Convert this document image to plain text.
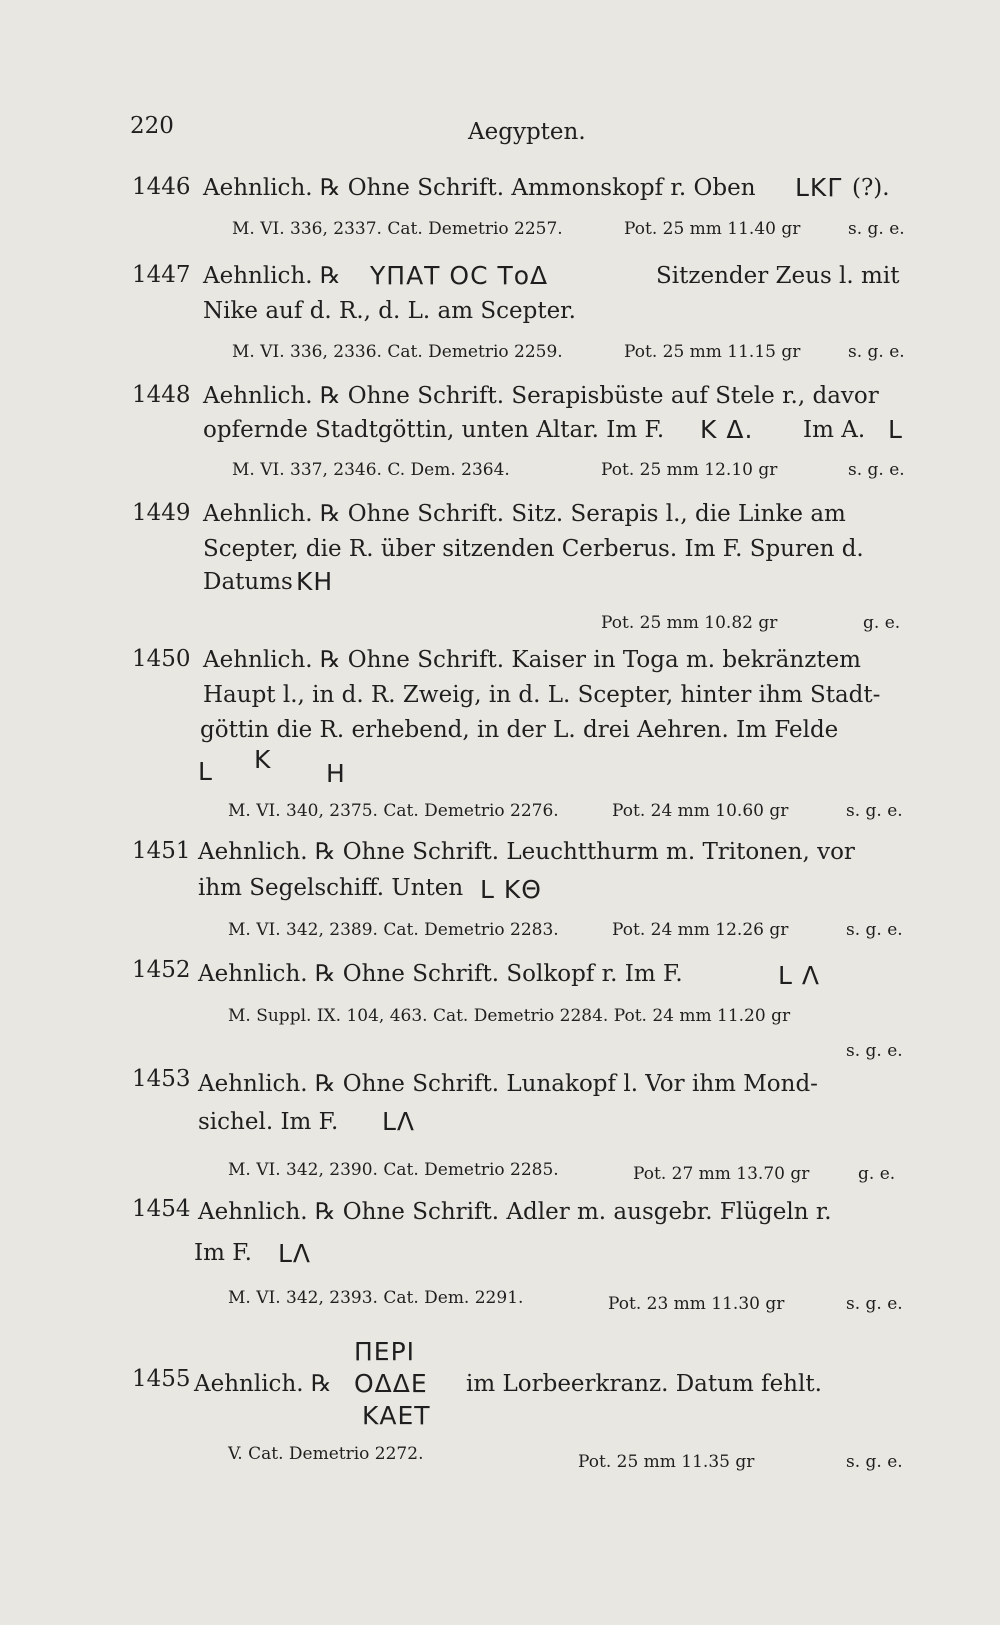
220	Aegypten.
1446 Aehnlich. ℞ Ohne Schrift. Ammonskopf r. Oben LKΓ (?).
M. VI. 336, 2337. Cat. Demetrio 2257.	Pot. 25 mm 11.40 gr	s. g. e.
1447 Aehnlich. ℞ ΥΠΑΤ ΟC ΤοΔ	Sitzender Zeus l. mit
Nike auf d. R., d. L. am Scepter.
M. VI. 336, 2336. Cat. Demetrio 2259.	Pot. 25 mm 11.15 gr	s. g. e.
1448 Aehnlich. ℞ Ohne Schrift. Serapisbüste auf Stele r., davor
opfernde Stadtgöttin, unten Altar. Im F. K Δ. Im A. L
M. VI. 337, 2346. C. Dem. 2364.	Pot. 25 mm 12.10 gr	s. g. e.
1449 Aehnlich. ℞ Ohne Schrift. Sitz. Serapis l., die Linke am
Scepter, die R. über sitzenden Cerberus. Im F. Spuren d.
Datums KH
Pot. 25 mm 10.82 gr	g. e.
1450 Aehnlich. ℞ Ohne Schrift. Kaiser in Toga m. bekränztem
Haupt l., in d. R. Zweig, in d. L. Scepter, hinter ihm Stadt-
göttin die R. erhebend, in der L. drei Aehren. Im Felde
L K H
M. VI. 340, 2375. Cat. Demetrio 2276.	Pot. 24 mm 10.60 gr	s. g. e.
1451 Aehnlich. ℞ Ohne Schrift. Leuchtthurm m. Tritonen, vor
ihm Segelschiff. Unten L KΘ
M. VI. 342, 2389. Cat. Demetrio 2283.	Pot. 24 mm 12.26 gr	s. g. e.
1452 Aehnlich. ℞ Ohne Schrift. Solkopf r. Im F.	L Λ
M. Suppl. IX. 104, 463. Cat. Demetrio 2284. Pot. 24 mm 11.20 gr
s. g. e.
1453 Aehnlich. ℞ Ohne Schrift. Lunakopf l. Vor ihm Mond-
sichel. Im F. LΛ
M. VI. 342, 2390. Cat. Demetrio 2285.	Pot. 27 mm 13.70 gr	g. e.
1454 Aehnlich. ℞ Ohne Schrift. Adler m. ausgebr. Flügeln r.
Im F. LΛ
M. VI. 342, 2393. Cat. Dem. 2291.	Pot. 23 mm 11.30 gr	s. g. e.
ΠΕΡΙ
1455 Aehnlich. ℞ ΟΔΔΕ im Lorbeerkranz. Datum fehlt.
ΚΑΕΤ
V. Cat. Demetrio 2272.	Pot. 25 mm 11.35 gr	s. g. e.
